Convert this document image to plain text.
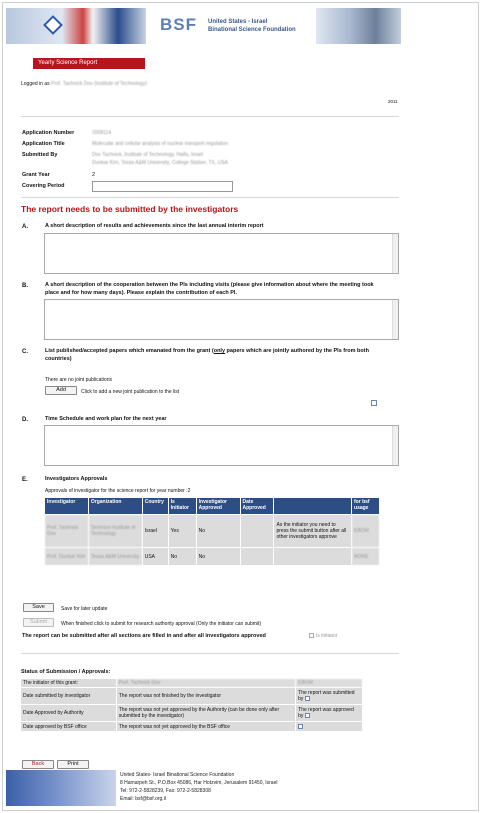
BSF United States - Israel
Binational Science Foundation
Yearly Science Report
Logged in as Prof. Tachnick Dov (Institute of Technology)
2011
Application Number	2008114
Application Title	Molecular and cellular analysis of nuclear transport regulation
Submitted By	Dov Tachnick, Institute of Technology, Haifa, Israel
Dunbar Kim, Texas A&M University, College Station, TX, USA
Grant Year	2
Covering Period
The report needs to be submitted by the investigators
A.	A short description of results and achievements since the last annual interim report
B.	A short description of the cooperation between the PIs including visits (please give information about where the meeting took place and for how many days). Please explain the contribution of each PI.
C.	List published/accepted papers which emanated from the grant (only papers which are jointly authored by the PIs from both countries)
There are no joint publications
Add	Click to add a new joint publication to the list
D.	Time Schedule and work plan for the next year
E.	Investigators Approvals
Approvals of investigator for the science report for year number :2
Investigator	Organization	Country	Is Initiator	Investigator Approved	Date Approved		for bsf usage
Prof. Tachnick Dov	Technion Institute of Technology	Israel	Yes	No		As the initiator you need to press the submit button after all other investigators approve	EBOM
Prof. Dunbar Kim	Texas A&M University	USA	No	No			NONE
Save	Save for later update
Submit	When finished click to submit for research authority approval (Only the initiator can submit)
The report can be submitted after all sections are filled in and after all investigators approved	Is initiator
Status of Submission / Approvals:
The initiator of this grant:	Prof. Tachnick Dov	EBOM
Date submitted by investigator	The report was not finished by the investigator	The report was submitted by
Date Approved by Authority	The report was not yet approved by the Authority (can be done only after submitted by the investigator)	The report was approved by
Date approved by BSF office	The report was not yet approved by the BSF office	
Back	Print
United States- Israel Binational Science Foundation
8 Hamarpeh St., P.O.Box 45086, Har Hotzvim, Jerusalem 91450, Israel
Tel: 972-2-5828239, Fax: 972-2-5828308
Email: bsf@bsf.org.il
